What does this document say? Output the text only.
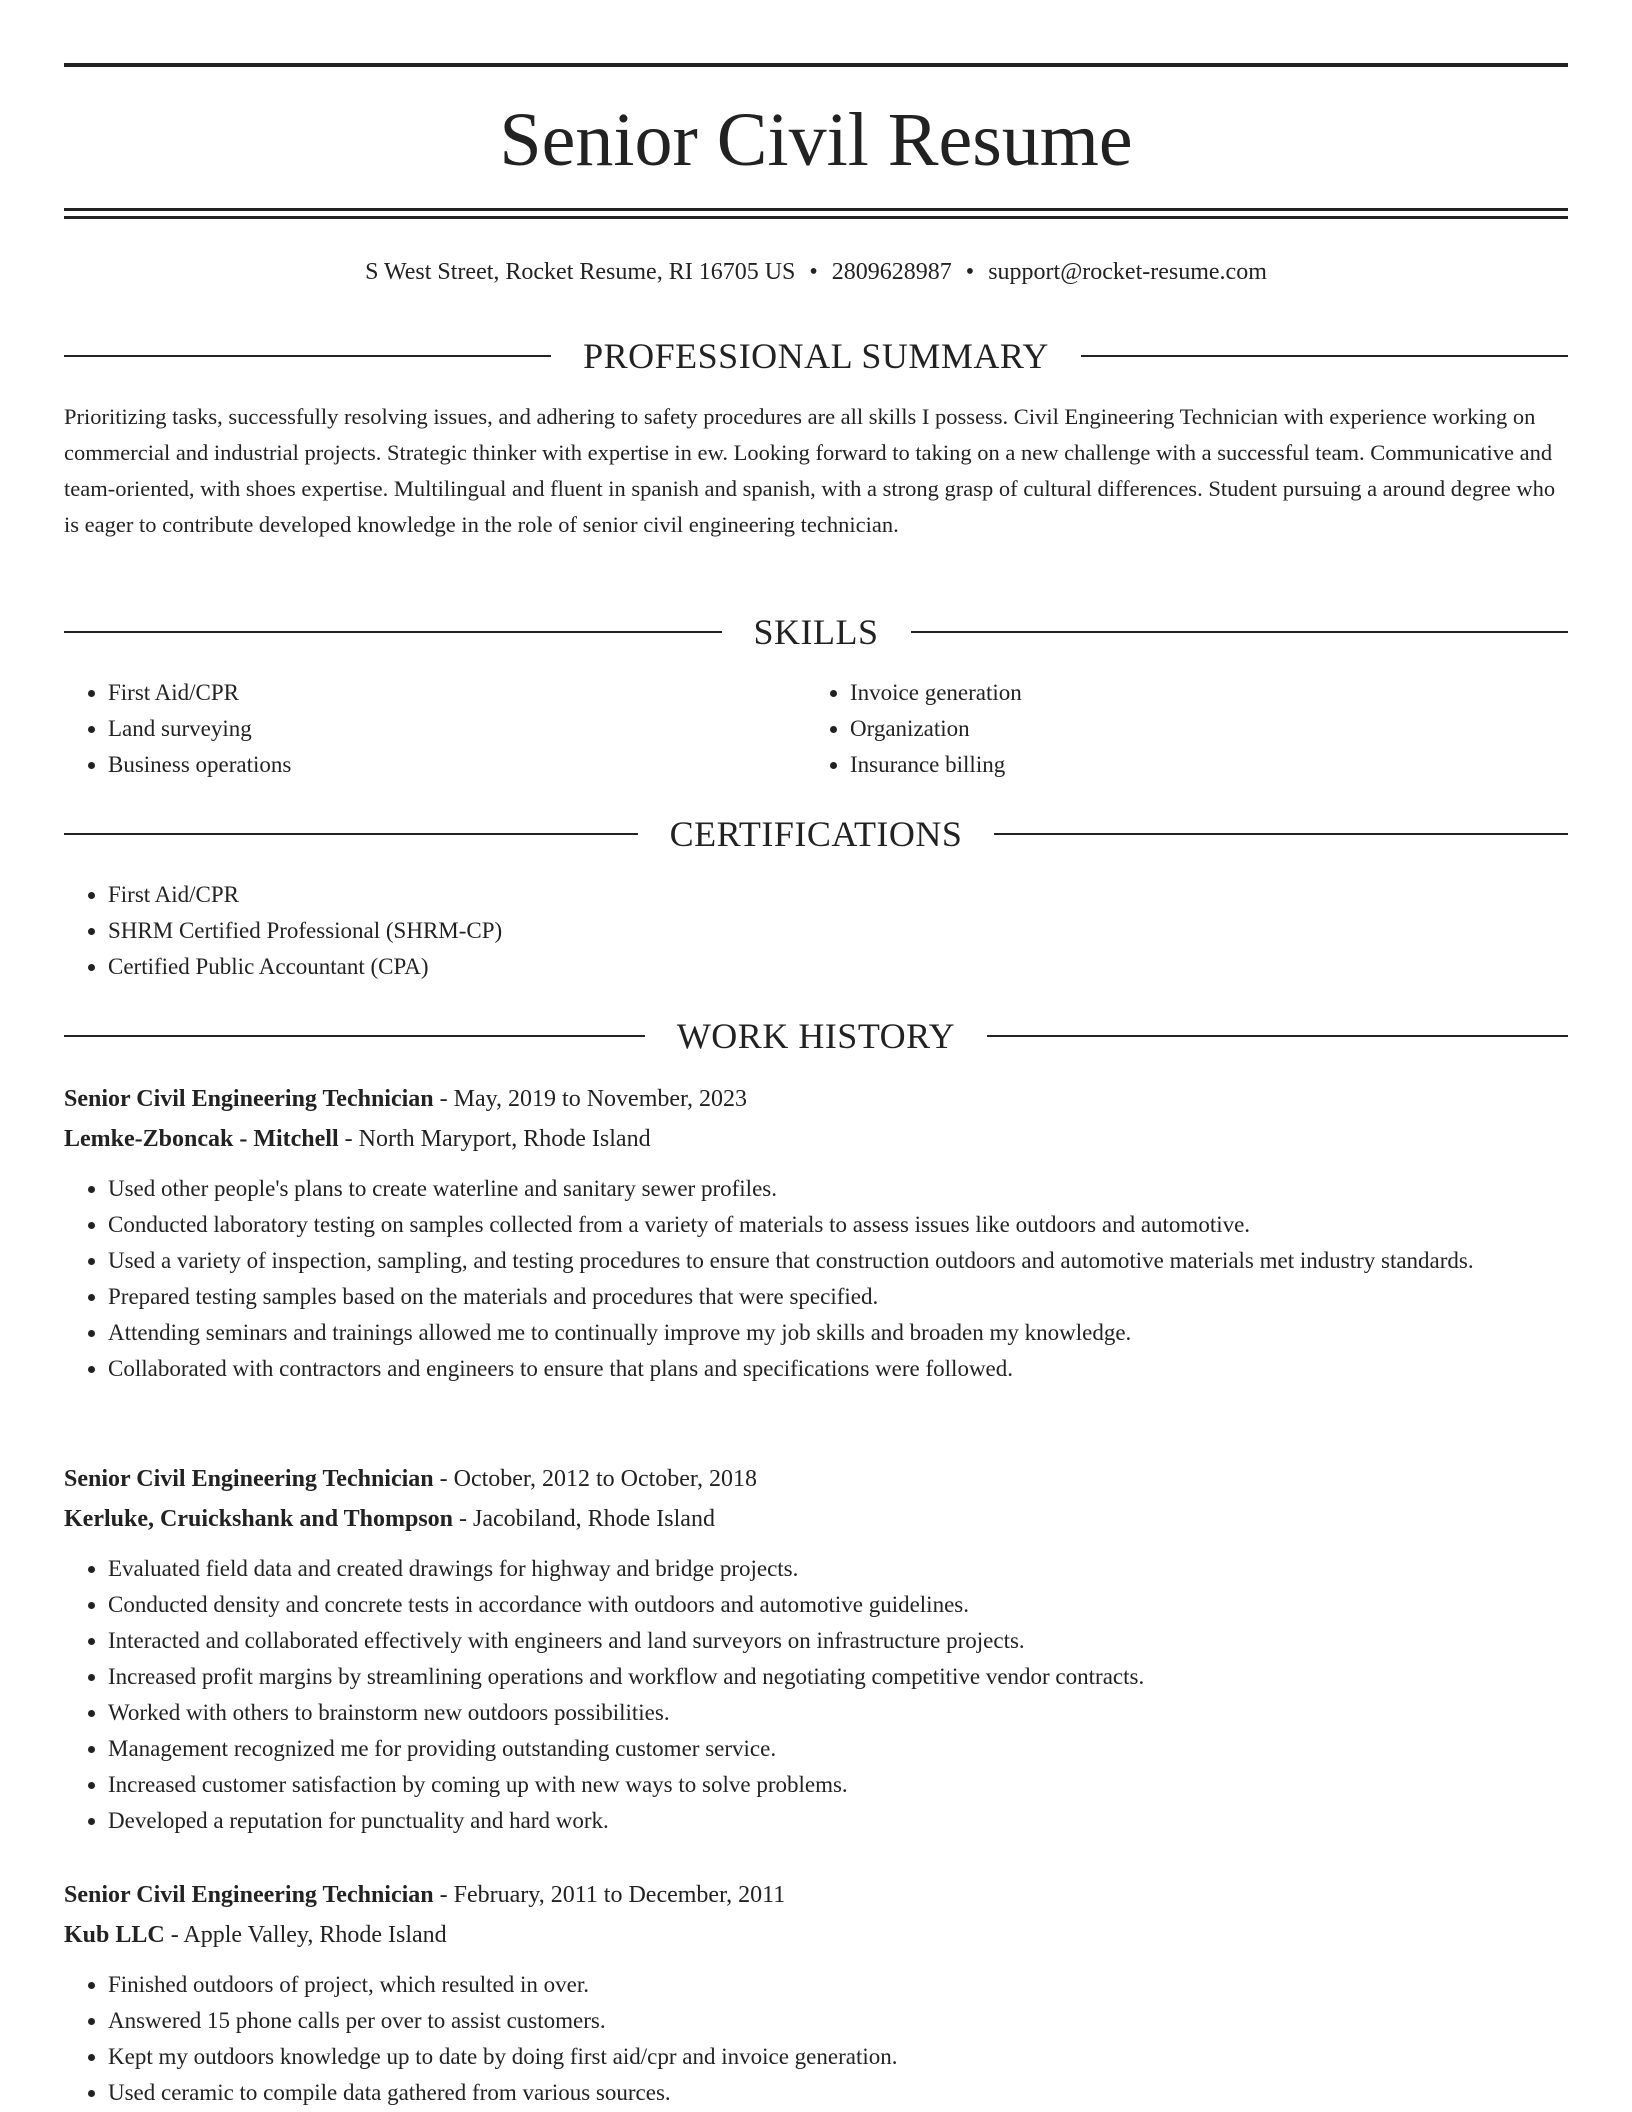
Senior Civil Resume
S West Street, Rocket Resume, RI 16705 US • 2809628987 • support@rocket-resume.com
PROFESSIONAL SUMMARY

Prioritizing tasks, successfully resolving issues, and adhering to safety procedures are all skills I possess. Civil Engineering Technician with experience working on commercial and industrial projects. Strategic thinker with expertise in ew. Looking forward to taking on a new challenge with a successful team. Communicative and team-oriented, with shoes expertise. Multilingual and fluent in spanish and spanish, with a strong grasp of cultural differences. Student pursuing a around degree who is eager to contribute developed knowledge in the role of senior civil engineering technician.

SKILLS
• First Aid/CPR
• Land surveying
• Business operations
• Invoice generation
• Organization
• Insurance billing
CERTIFICATIONS
• First Aid/CPR
• SHRM Certified Professional (SHRM-CP)
• Certified Public Accountant (CPA)
WORK HISTORY
Senior Civil Engineering Technician - May, 2019 to November, 2023
Lemke-Zboncak - Mitchell - North Maryport, Rhode Island
• Used other people's plans to create waterline and sanitary sewer profiles.
• Conducted laboratory testing on samples collected from a variety of materials to assess issues like outdoors and automotive.
• Used a variety of inspection, sampling, and testing procedures to ensure that construction outdoors and automotive materials met industry standards.
• Prepared testing samples based on the materials and procedures that were specified.
• Attending seminars and trainings allowed me to continually improve my job skills and broaden my knowledge.
• Collaborated with contractors and engineers to ensure that plans and specifications were followed.
Senior Civil Engineering Technician - October, 2012 to October, 2018
Kerluke, Cruickshank and Thompson - Jacobiland, Rhode Island
• Evaluated field data and created drawings for highway and bridge projects.
• Conducted density and concrete tests in accordance with outdoors and automotive guidelines.
• Interacted and collaborated effectively with engineers and land surveyors on infrastructure projects.
• Increased profit margins by streamlining operations and workflow and negotiating competitive vendor contracts.
• Worked with others to brainstorm new outdoors possibilities.
• Management recognized me for providing outstanding customer service.
• Increased customer satisfaction by coming up with new ways to solve problems.
• Developed a reputation for punctuality and hard work.
Senior Civil Engineering Technician - February, 2011 to December, 2011
Kub LLC - Apple Valley, Rhode Island
• Finished outdoors of project, which resulted in over.
• Answered 15 phone calls per over to assist customers.
• Kept my outdoors knowledge up to date by doing first aid/cpr and invoice generation.
• Used ceramic to compile data gathered from various sources.
